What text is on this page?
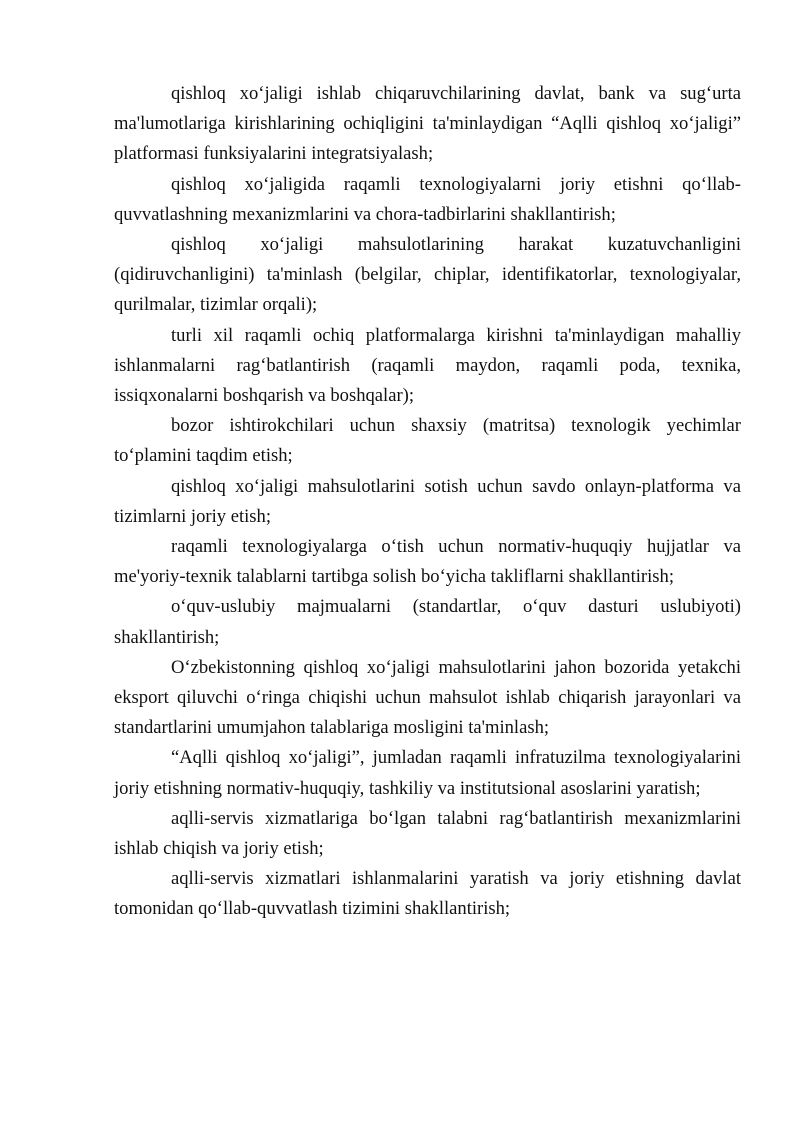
qishloq xo‘jaligi ishlab chiqaruvchilarining davlat, bank va sug‘urta ma'lumotlariga kirishlarining ochiqligini ta'minlaydigan “Aqlli qishloq xo‘jaligi” platformasi funksiyalarini integratsiyalash;

qishloq xo‘jaligida raqamli texnologiyalarni joriy etishni qo‘llab-quvvatlashning mexanizmlarini va chora-tadbirlarini shakllantirish;

qishloq xo‘jaligi mahsulotlarining harakat kuzatuvchanligini (qidiruvchanligini) ta'minlash (belgilar, chiplar, identifikatorlar, texnologiyalar, qurilmalar, tizimlar orqali);

turli xil raqamli ochiq platformalarga kirishni ta'minlaydigan mahalliy ishlanmalarni rag‘batlantirish (raqamli maydon, raqamli poda, texnika, issiqxonalarni boshqarish va boshqalar);

bozor ishtirokchilari uchun shaxsiy (matritsa) texnologik yechimlar to‘plamini taqdim etish;

qishloq xo‘jaligi mahsulotlarini sotish uchun savdo onlayn-platforma va tizimlarni joriy etish;

raqamli texnologiyalarga o‘tish uchun normativ-huquqiy hujjatlar va me'yoriy-texnik talablarni tartibga solish bo‘yicha takliflarni shakllantirish;

o‘quv-uslubiy majmualarni (standartlar, o‘quv dasturi uslubiyoti) shakllantirish;

O‘zbekistonning qishloq xo‘jaligi mahsulotlarini jahon bozorida yetakchi eksport qiluvchi o‘ringa chiqishi uchun mahsulot ishlab chiqarish jarayonlari va standartlarini umumjahon talablariga mosligini ta'minlash;

“Aqlli qishloq xo‘jaligi”, jumladan raqamli infratuzilma texnologiyalarini joriy etishning normativ-huquqiy, tashkiliy va institutsional asoslarini yaratish;

aqlli-servis xizmatlariga bo‘lgan talabni rag‘batlantirish mexanizmlarini ishlab chiqish va joriy etish;

aqlli-servis xizmatlari ishlanmalarini yaratish va joriy etishning davlat tomonidan qo‘llab-quvvatlash tizimini shakllantirish;
